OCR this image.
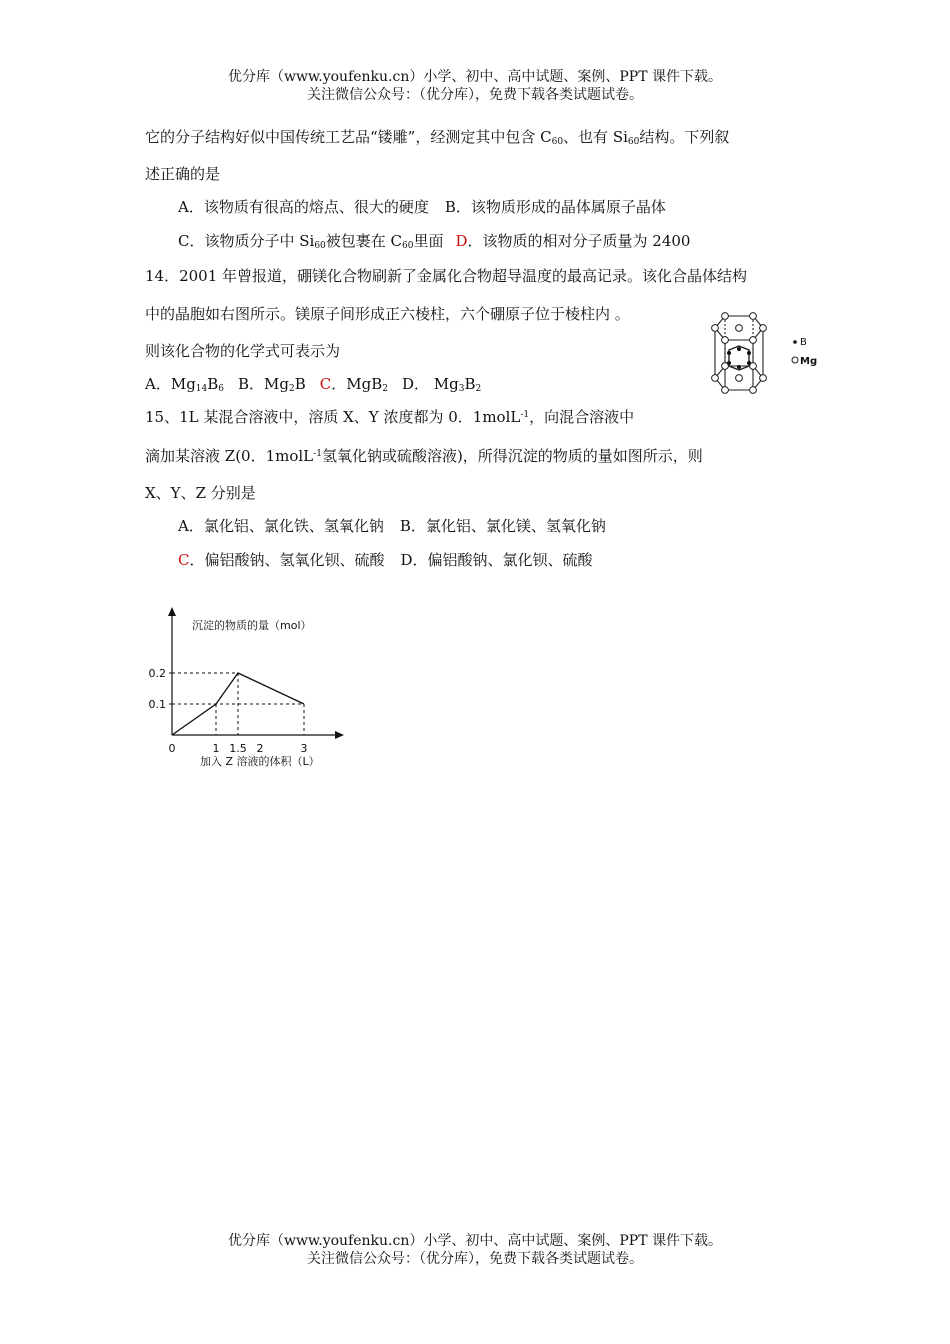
优分库（www.youfenku.cn）小学、初中、高中试题、案例、PPT 课件下载。
关注微信公众号：（优分库），免费下载各类试题试卷。
它的分子结构好似中国传统工艺品“镂雕”，经测定其中包含 $C_{60}$、也有 $Si_{60}$结构。下列叙
述正确的是
A．该物质有很高的熔点、很大的硬度 B．该物质形成的晶体属原子晶体
C．该物质分子中 $Si_{60}$被包裹在 $C_{60}$里面 D．该物质的相对分子质量为 2400
14．2001 年曾报道，硼镁化合物刷新了金属化合物超导温度的最高记录。该化合晶体结构
中的晶胞如右图所示。镁原子间形成正六棱柱，六个硼原子位于棱柱内 。
则该化合物的化学式可表示为
A．$Mg_{14}B_6$ B．$Mg_2B$ C．MgB$_2$ D． $Mg_3B_2$
B
Mg
15、1L 某混合溶液中，溶质 X、Y 浓度都为 0．1molL$^{-1}$，向混合溶液中
滴加某溶液 Z(0．1molL$^{-1}$氢氧化钠或硫酸溶液)，所得沉淀的物质的量如图所示，则
X、Y、Z 分别是
A．氯化铝、氯化铁、氢氧化钠 B．氯化铝、氯化镁、氢氧化钠
C．偏铝酸钠、氢氧化钡、硫酸 D．偏铝酸钠、氯化钡、硫酸
沉淀的物质的量（mol）
加入 Z 溶液的体积（L）
0	1 1.5 2	3
0.1
0.2
优分库（www.youfenku.cn）小学、初中、高中试题、案例、PPT 课件下载。
关注微信公众号：（优分库），免费下载各类试题试卷。
